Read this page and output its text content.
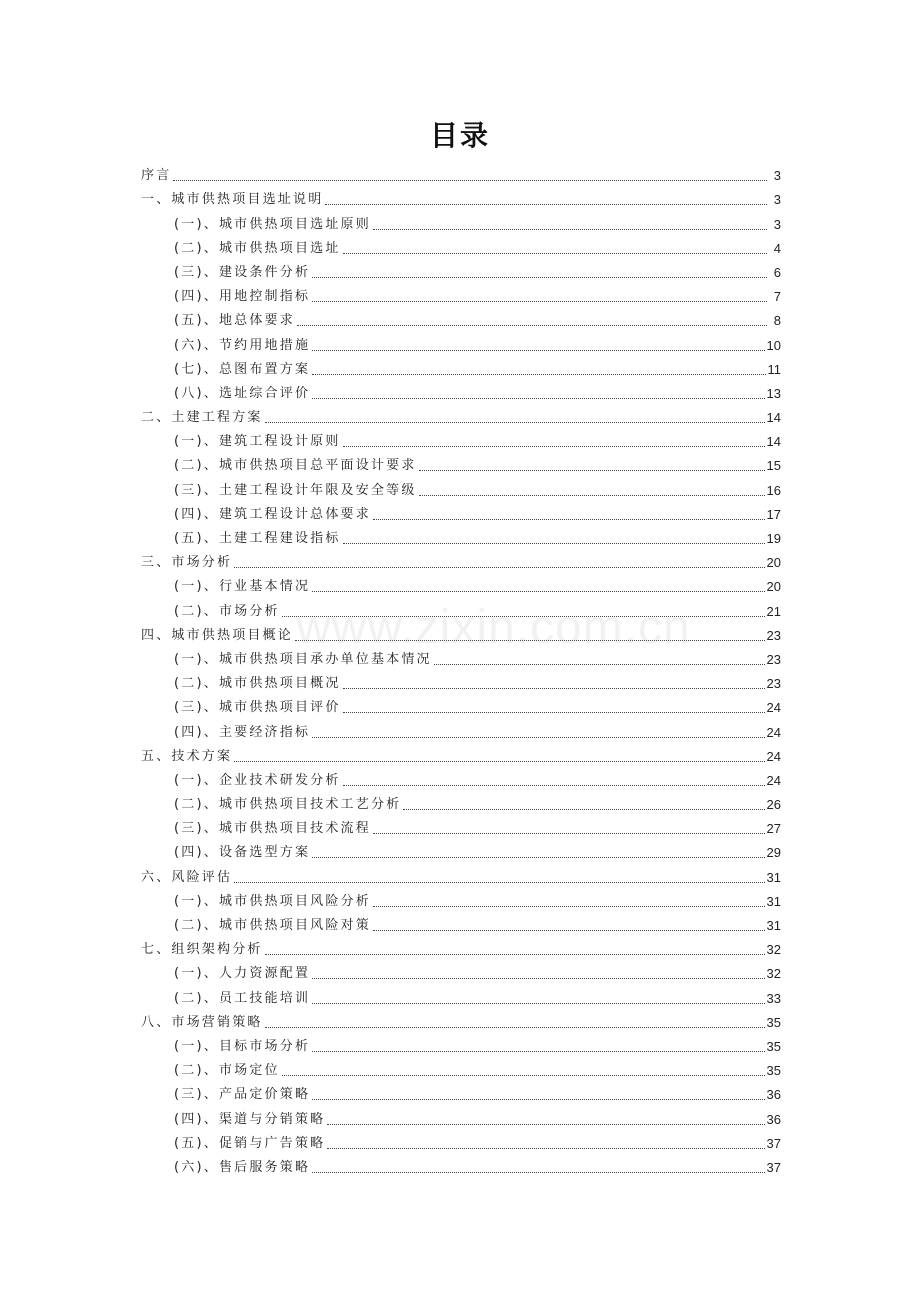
目录
序言	3
一、城市供热项目选址说明	3
(一)、城市供热项目选址原则	3
(二)、城市供热项目选址	4
(三)、建设条件分析	6
(四)、用地控制指标	7
(五)、地总体要求	8
(六)、节约用地措施	10
(七)、总图布置方案	11
(八)、选址综合评价	13
二、土建工程方案	14
(一)、建筑工程设计原则	14
(二)、城市供热项目总平面设计要求	15
(三)、土建工程设计年限及安全等级	16
(四)、建筑工程设计总体要求	17
(五)、土建工程建设指标	19
三、市场分析	20
(一)、行业基本情况	20
(二)、市场分析	21
四、城市供热项目概论	23
(一)、城市供热项目承办单位基本情况	23
(二)、城市供热项目概况	23
(三)、城市供热项目评价	24
(四)、主要经济指标	24
五、技术方案	24
(一)、企业技术研发分析	24
(二)、城市供热项目技术工艺分析	26
(三)、城市供热项目技术流程	27
(四)、设备选型方案	29
六、风险评估	31
(一)、城市供热项目风险分析	31
(二)、城市供热项目风险对策	31
七、组织架构分析	32
(一)、人力资源配置	32
(二)、员工技能培训	33
八、市场营销策略	35
(一)、目标市场分析	35
(二)、市场定位	35
(三)、产品定价策略	36
(四)、渠道与分销策略	36
(五)、促销与广告策略	37
(六)、售后服务策略	37
www.zixin.com.cn
